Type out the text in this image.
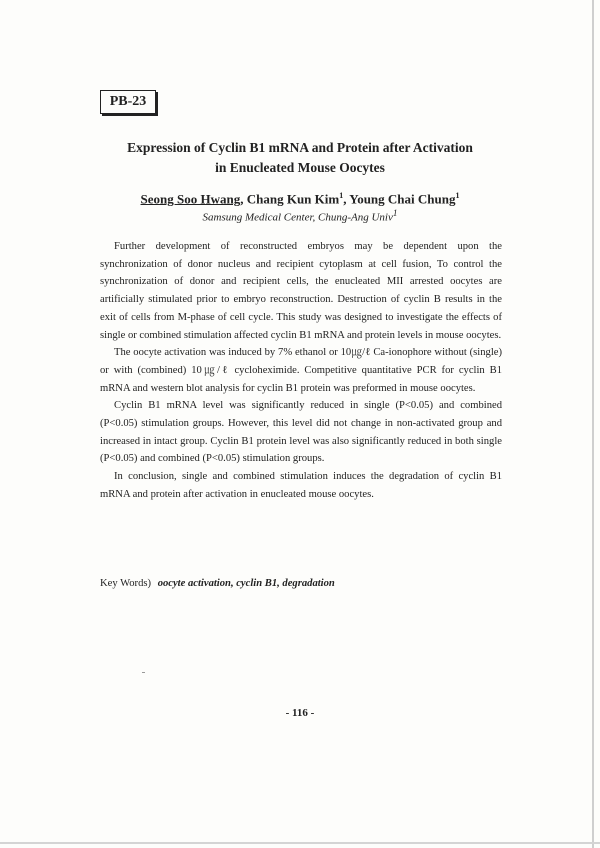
PB-23
Expression of Cyclin B1 mRNA and Protein after Activation
in Enucleated Mouse Oocytes
Seong Soo Hwang, Chang Kun Kim$^1$, Young Chai Chung$^1$
Samsung Medical Center, Chung-Ang Univ$^1$

Further development of reconstructed embryos may be dependent upon the synchronization of donor nucleus and recipient cytoplasm at cell fusion, To control the synchronization of donor and recipient cells, the enucleated MII arrested oocytes are artificially stimulated prior to embryo reconstruction. Destruction of cyclin B results in the exit of cells from M-phase of cell cycle. This study was designed to investigate the effects of single or combined stimulation affected cyclin B1 mRNA and protein levels in mouse oocytes.

The oocyte activation was induced by 7% ethanol or 10㎍/ℓ Ca-ionophore without (single) or with (combined) 10㎍/ℓ cycloheximide. Competitive quantitative PCR for cyclin B1 mRNA and western blot analysis for cyclin B1 protein was preformed in mouse oocytes.

Cyclin B1 mRNA level was significantly reduced in single (P<0.05) and combined (P<0.05) stimulation groups. However, this level did not change in non-activated group and increased in intact group. Cyclin B1 protein level was also significantly reduced in both single (P<0.05) and combined (P<0.05) stimulation groups.

In conclusion, single and combined stimulation induces the degradation of cyclin B1 mRNA and protein after activation in enucleated mouse oocytes.

Key Words) oocyte activation, cyclin B1, degradation
- 116 -
